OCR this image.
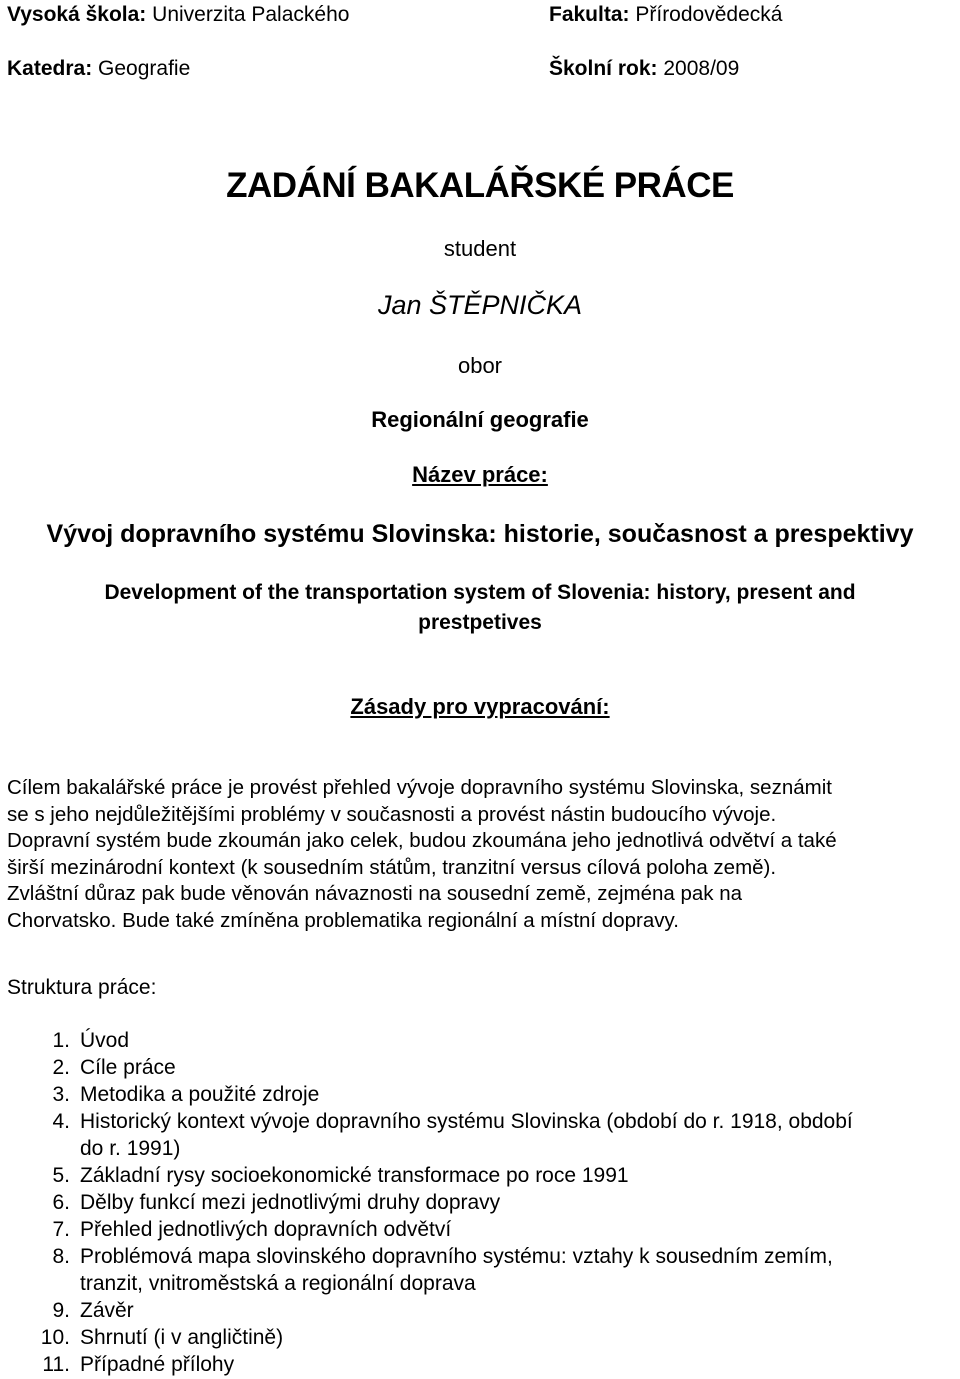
Vysoká škola: Univerzita Palackého	Fakulta: Přírodovědecká
Katedra: Geografie	Školní rok: 2008/09
ZADÁNÍ BAKALÁŘSKÉ PRÁCE
student
Jan ŠTĚPNIČKA
obor
Regionální geografie
Název práce:
Vývoj dopravního systému Slovinska: historie, současnost a prespektivy
Development of the transportation system of Slovenia: history, present and prestpetives
Zásady pro vypracování:
Cílem bakalářské práce je provést přehled vývoje dopravního systému Slovinska, seznámit
se s jeho nejdůležitějšími problémy v současnosti a provést nástin budoucího vývoje.
Dopravní systém bude zkoumán jako celek, budou zkoumána jeho jednotlivá odvětví a také
širší mezinárodní kontext (k sousedním státům, tranzitní versus cílová poloha země).
Zvláštní důraz pak bude věnován návaznosti na sousední země, zejména pak na
Chorvatsko. Bude také zmíněna problematika regionální a místní dopravy.
Struktura práce:
1. Úvod
2. Cíle práce
3. Metodika a použité zdroje
4. Historický kontext vývoje dopravního systému Slovinska (období do r. 1918, období
do r. 1991)
5. Základní rysy socioekonomické transformace po roce 1991
6. Dělby funkcí mezi jednotlivými druhy dopravy
7. Přehled jednotlivých dopravních odvětví
8. Problémová mapa slovinského dopravního systému: vztahy k sousedním zemím,
tranzit, vnitroměstská a regionální doprava
9. Závěr
10. Shrnutí (i v angličtině)
11. Případné přílohy
